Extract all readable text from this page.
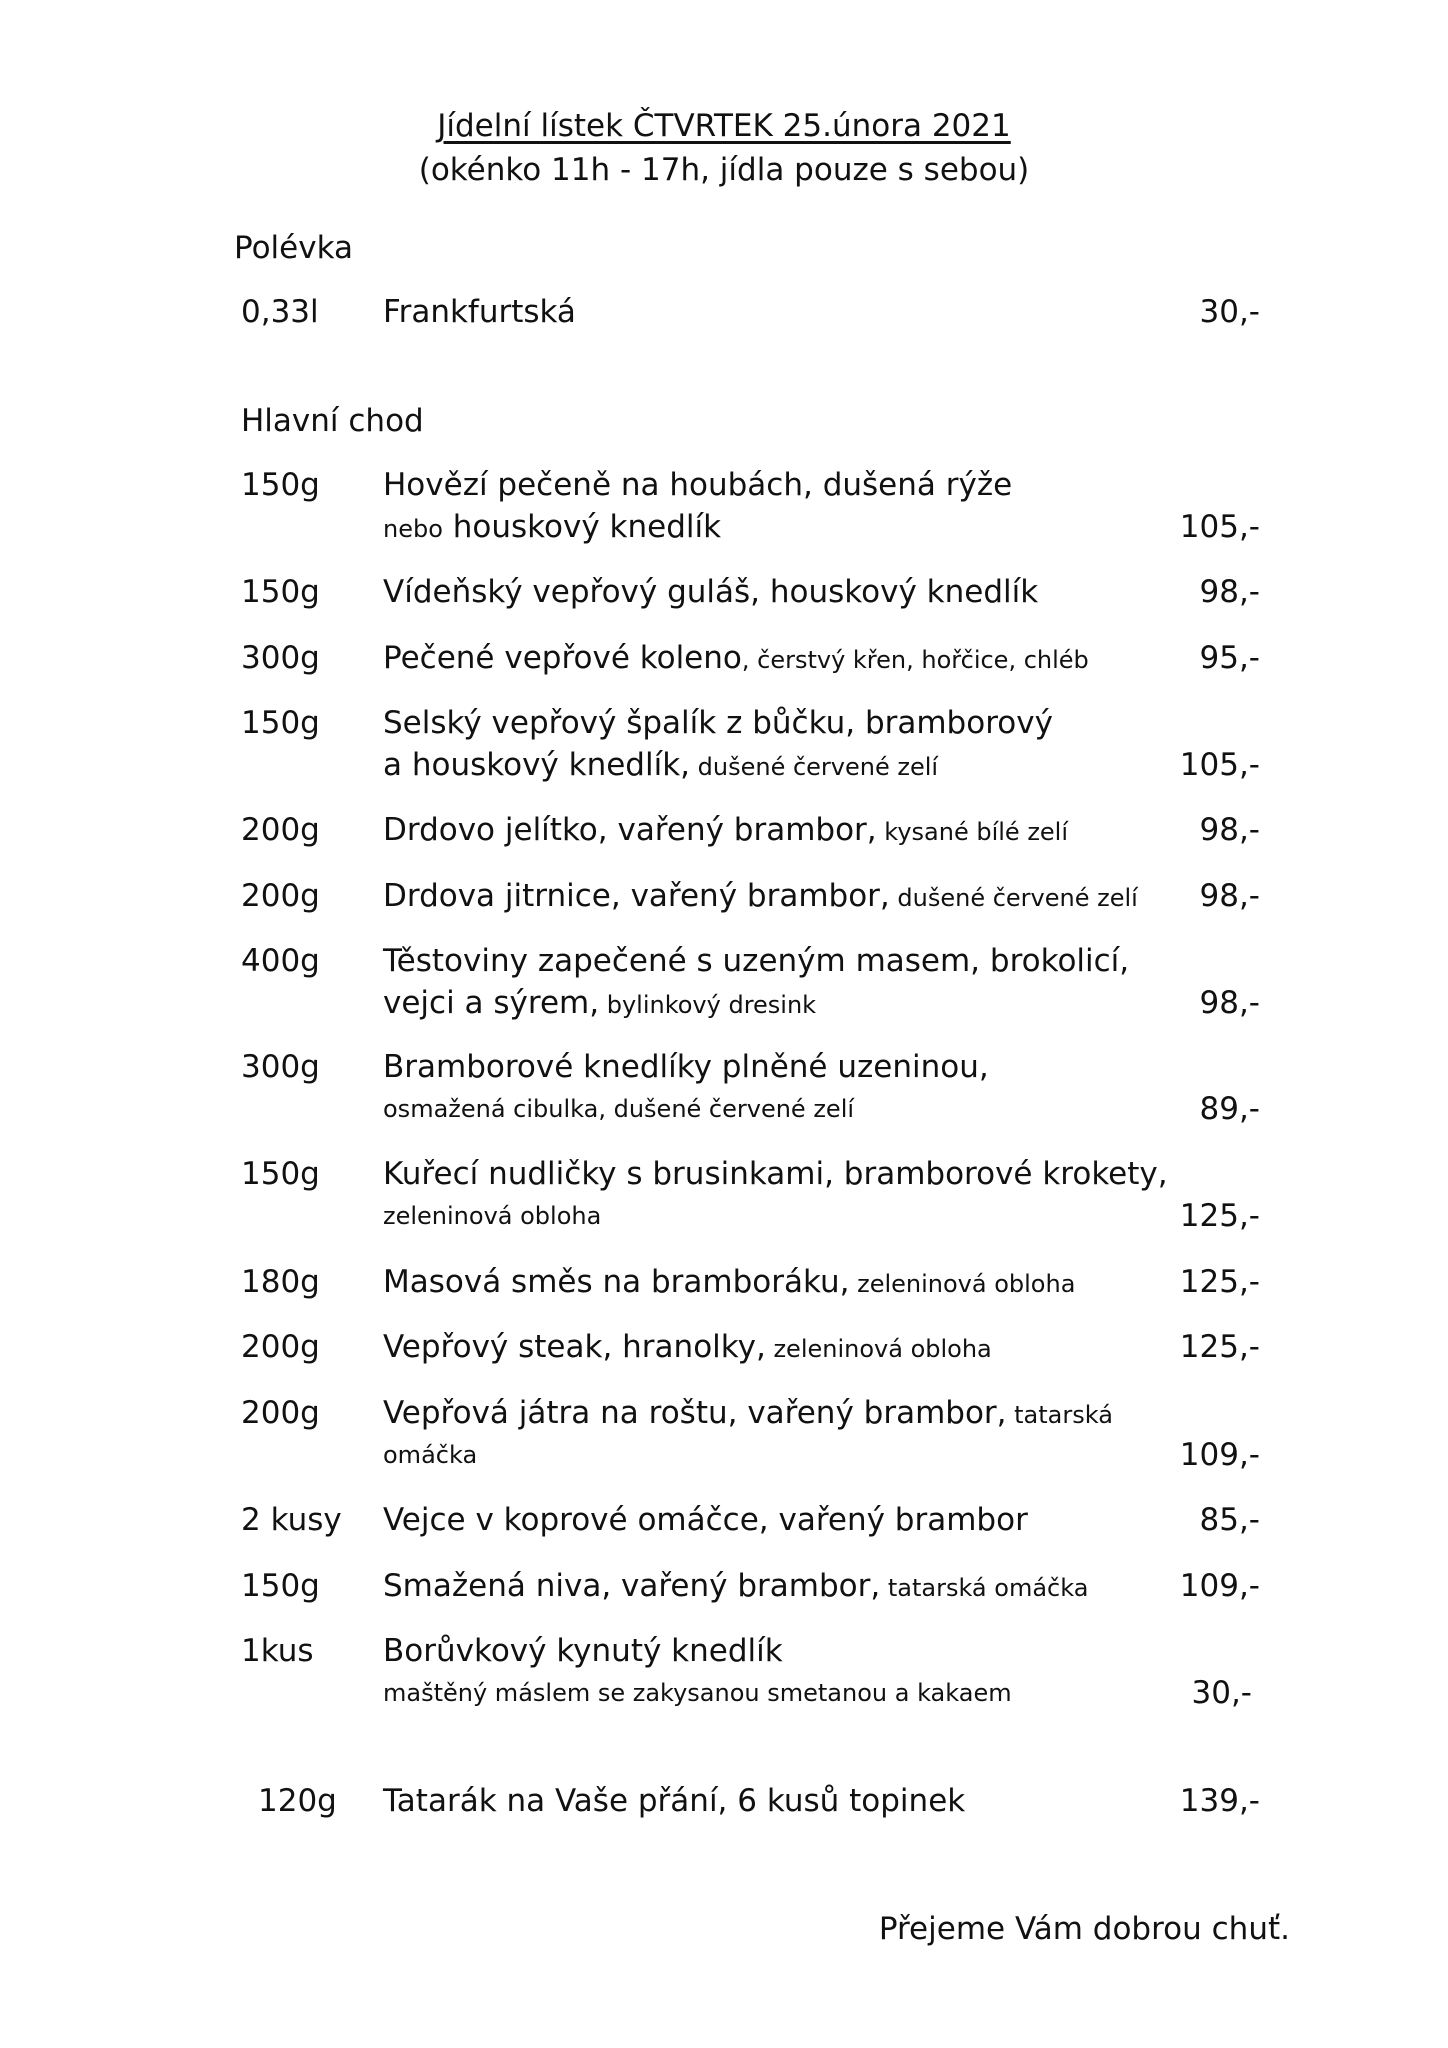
Jídelní lístek ČTVRTEK 25.února 2021
(okénko 11h - 17h, jídla pouze s sebou)
Polévka
0,33l Frankfurtská	30,-
Hlavní chod
150g Hovězí pečeně na houbách, dušená rýže
nebo houskový knedlík	105,-
150g Vídeňský vepřový guláš, houskový knedlík	98,-
300g Pečené vepřové koleno, čerstvý křen, hořčice, chléb	95,-
150g Selský vepřový špalík z bůčku, bramborový
a houskový knedlík, dušené červené zelí	105,-
200g Drdovo jelítko, vařený brambor, kysané bílé zelí	98,-
200g Drdova jitrnice, vařený brambor, dušené červené zelí 98,-
400g Těstoviny zapečené s uzeným masem, brokolicí,
vejci a sýrem, bylinkový dresink	98,-
300g Bramborové knedlíky plněné uzeninou,
osmažená cibulka, dušené červené zelí	89,-
150g Kuřecí nudličky s brusinkami, bramborové krokety,
zeleninová obloha	125,-
180g Masová směs na bramboráku, zeleninová obloha	125,-
200g Vepřový steak, hranolky, zeleninová obloha	125,-
200g Vepřová játra na roštu, vařený brambor, tatarská
omáčka	109,-
2 kusy Vejce v koprové omáčce, vařený brambor	85,-
150g Smažená niva, vařený brambor, tatarská omáčka	109,-
1kus Borůvkový kynutý knedlík
maštěný máslem se zakysanou smetanou a kakaem	30,-
120g Tatarák na Vaše přání, 6 kusů topinek	139,-
Přejeme Vám dobrou chuť.
